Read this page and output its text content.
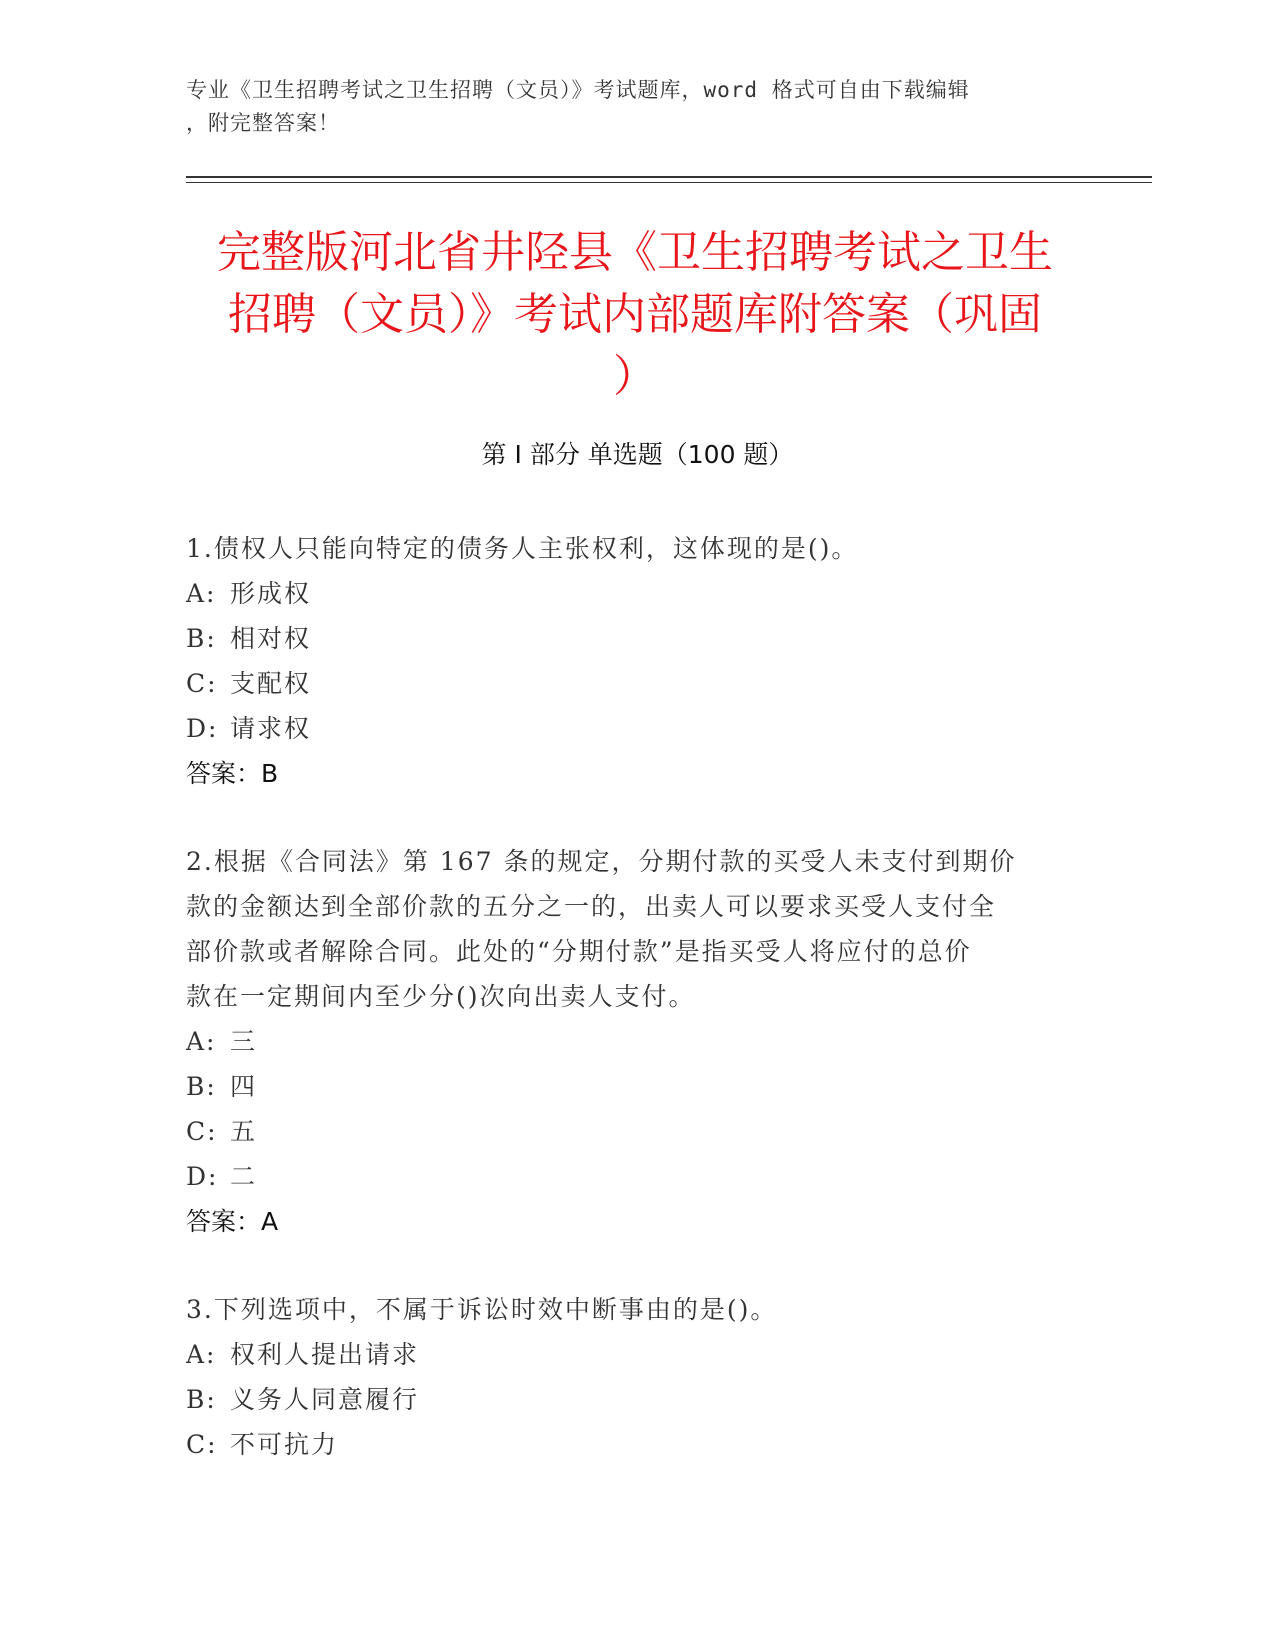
专业《卫生招聘考试之卫生招聘（文员）》考试题库，word 格式可自由下载编辑
，附完整答案！
完整版河北省井陉县《卫生招聘考试之卫生
招聘（文员）》考试内部题库附答案（巩固
）
第 I 部分 单选题（100 题）
1.债权人只能向特定的债务人主张权利，这体现的是()。
A: 形成权
B: 相对权
C: 支配权
D: 请求权
答案：B
2.根据《合同法》第 167 条的规定，分期付款的买受人未支付到期价
款的金额达到全部价款的五分之一的，出卖人可以要求买受人支付全
部价款或者解除合同。此处的“分期付款”是指买受人将应付的总价
款在一定期间内至少分()次向出卖人支付。
A: 三
B: 四
C: 五
D: 二
答案：A
3.下列选项中，不属于诉讼时效中断事由的是()。
A: 权利人提出请求
B: 义务人同意履行
C: 不可抗力
